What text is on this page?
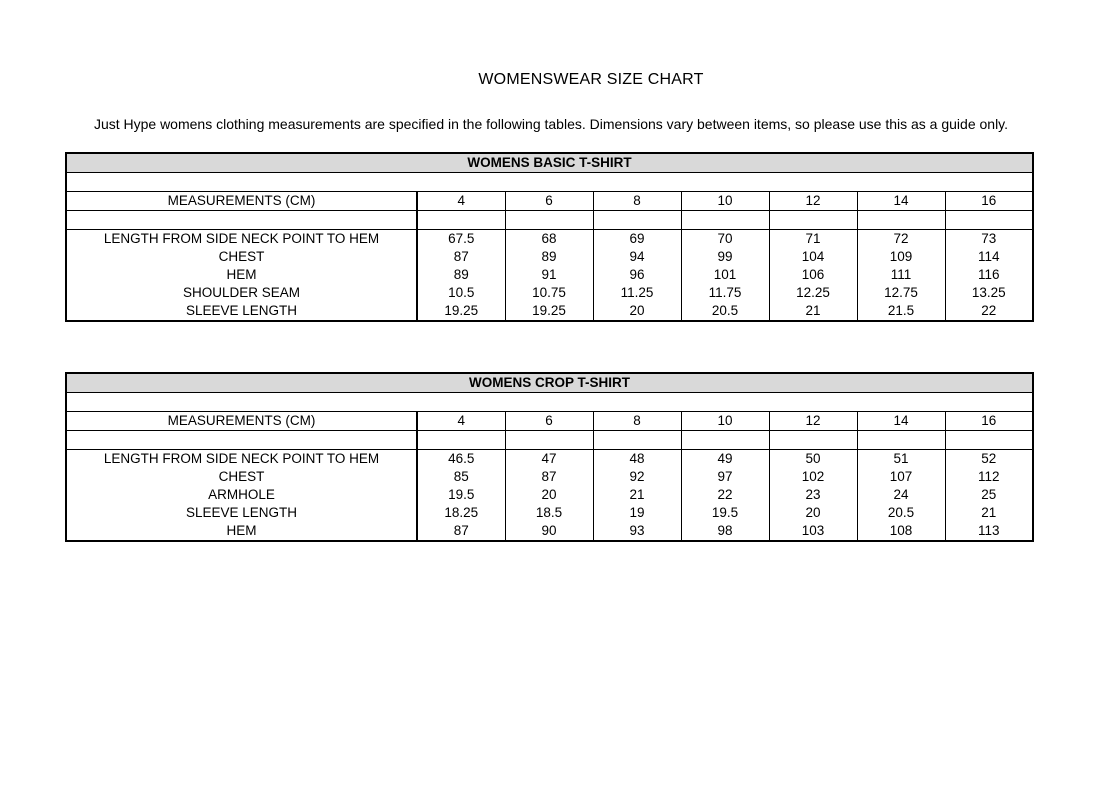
WOMENSWEAR SIZE CHART
Just Hype womens clothing measurements are specified in the following tables. Dimensions vary between items, so please use this as a guide only.
WOMENS BASIC T-SHIRT							

MEASUREMENTS (CM)	4	6	8	10	12	14	16

LENGTH FROM SIDE NECK POINT TO HEM	67.5	68	69	70	71	72	73
CHEST	87	89	94	99	104	109	114
HEM	89	91	96	101	106	111	116
SHOULDER SEAM	10.5	10.75	11.25	11.75	12.25	12.75	13.25
SLEEVE LENGTH	19.25	19.25	20	20.5	21	21.5	22
WOMENS CROP T-SHIRT							

MEASUREMENTS (CM)	4	6	8	10	12	14	16

LENGTH FROM SIDE NECK POINT TO HEM	46.5	47	48	49	50	51	52
CHEST	85	87	92	97	102	107	112
ARMHOLE	19.5	20	21	22	23	24	25
SLEEVE LENGTH	18.25	18.5	19	19.5	20	20.5	21
HEM	87	90	93	98	103	108	113
